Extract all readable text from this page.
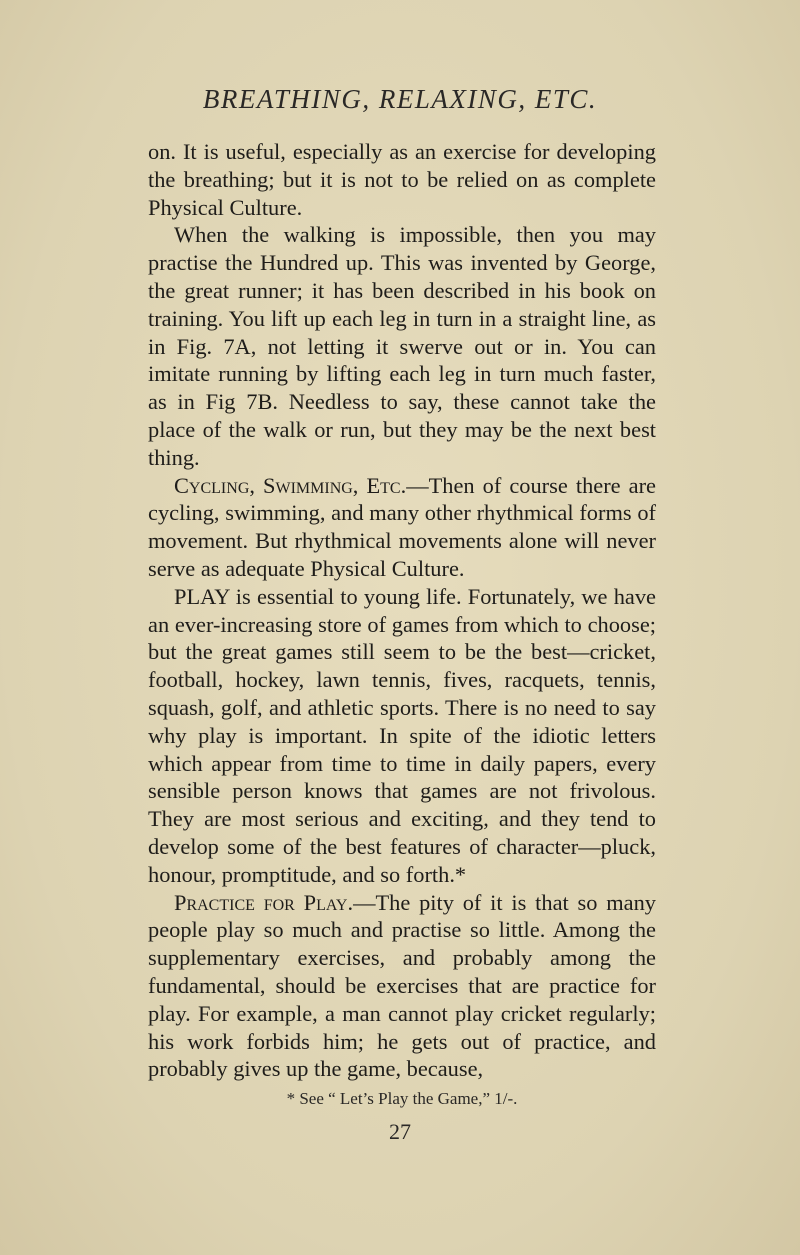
BREATHING, RELAXING, ETC.

on. It is useful, especially as an exercise for developing the breathing; but it is not to be relied on as complete Physical Culture.

When the walking is impossible, then you may practise the Hundred up. This was invented by George, the great runner; it has been described in his book on training. You lift up each leg in turn in a straight line, as in Fig. 7A, not letting it swerve out or in. You can imitate running by lifting each leg in turn much faster, as in Fig 7B. Needless to say, these cannot take the place of the walk or run, but they may be the next best thing.

Cycling, Swimming, Etc.—Then of course there are cycling, swimming, and many other rhythmical forms of movement. But rhythmical movements alone will never serve as adequate Physical Culture.

PLAY is essential to young life. Fortunately, we have an ever-increasing store of games from which to choose; but the great games still seem to be the best—cricket, football, hockey, lawn tennis, fives, racquets, tennis, squash, golf, and athletic sports. There is no need to say why play is important. In spite of the idiotic letters which appear from time to time in daily papers, every sensible person knows that games are not frivolous. They are most serious and exciting, and they tend to develop some of the best features of character—pluck, honour, promptitude, and so forth.*

Practice for Play.—The pity of it is that so many people play so much and practise so little. Among the supplementary exercises, and probably among the fundamental, should be exercises that are practice for play. For example, a man cannot play cricket regularly; his work forbids him; he gets out of practice, and probably gives up the game, because,

* See “ Let’s Play the Game,” 1/-.
27
